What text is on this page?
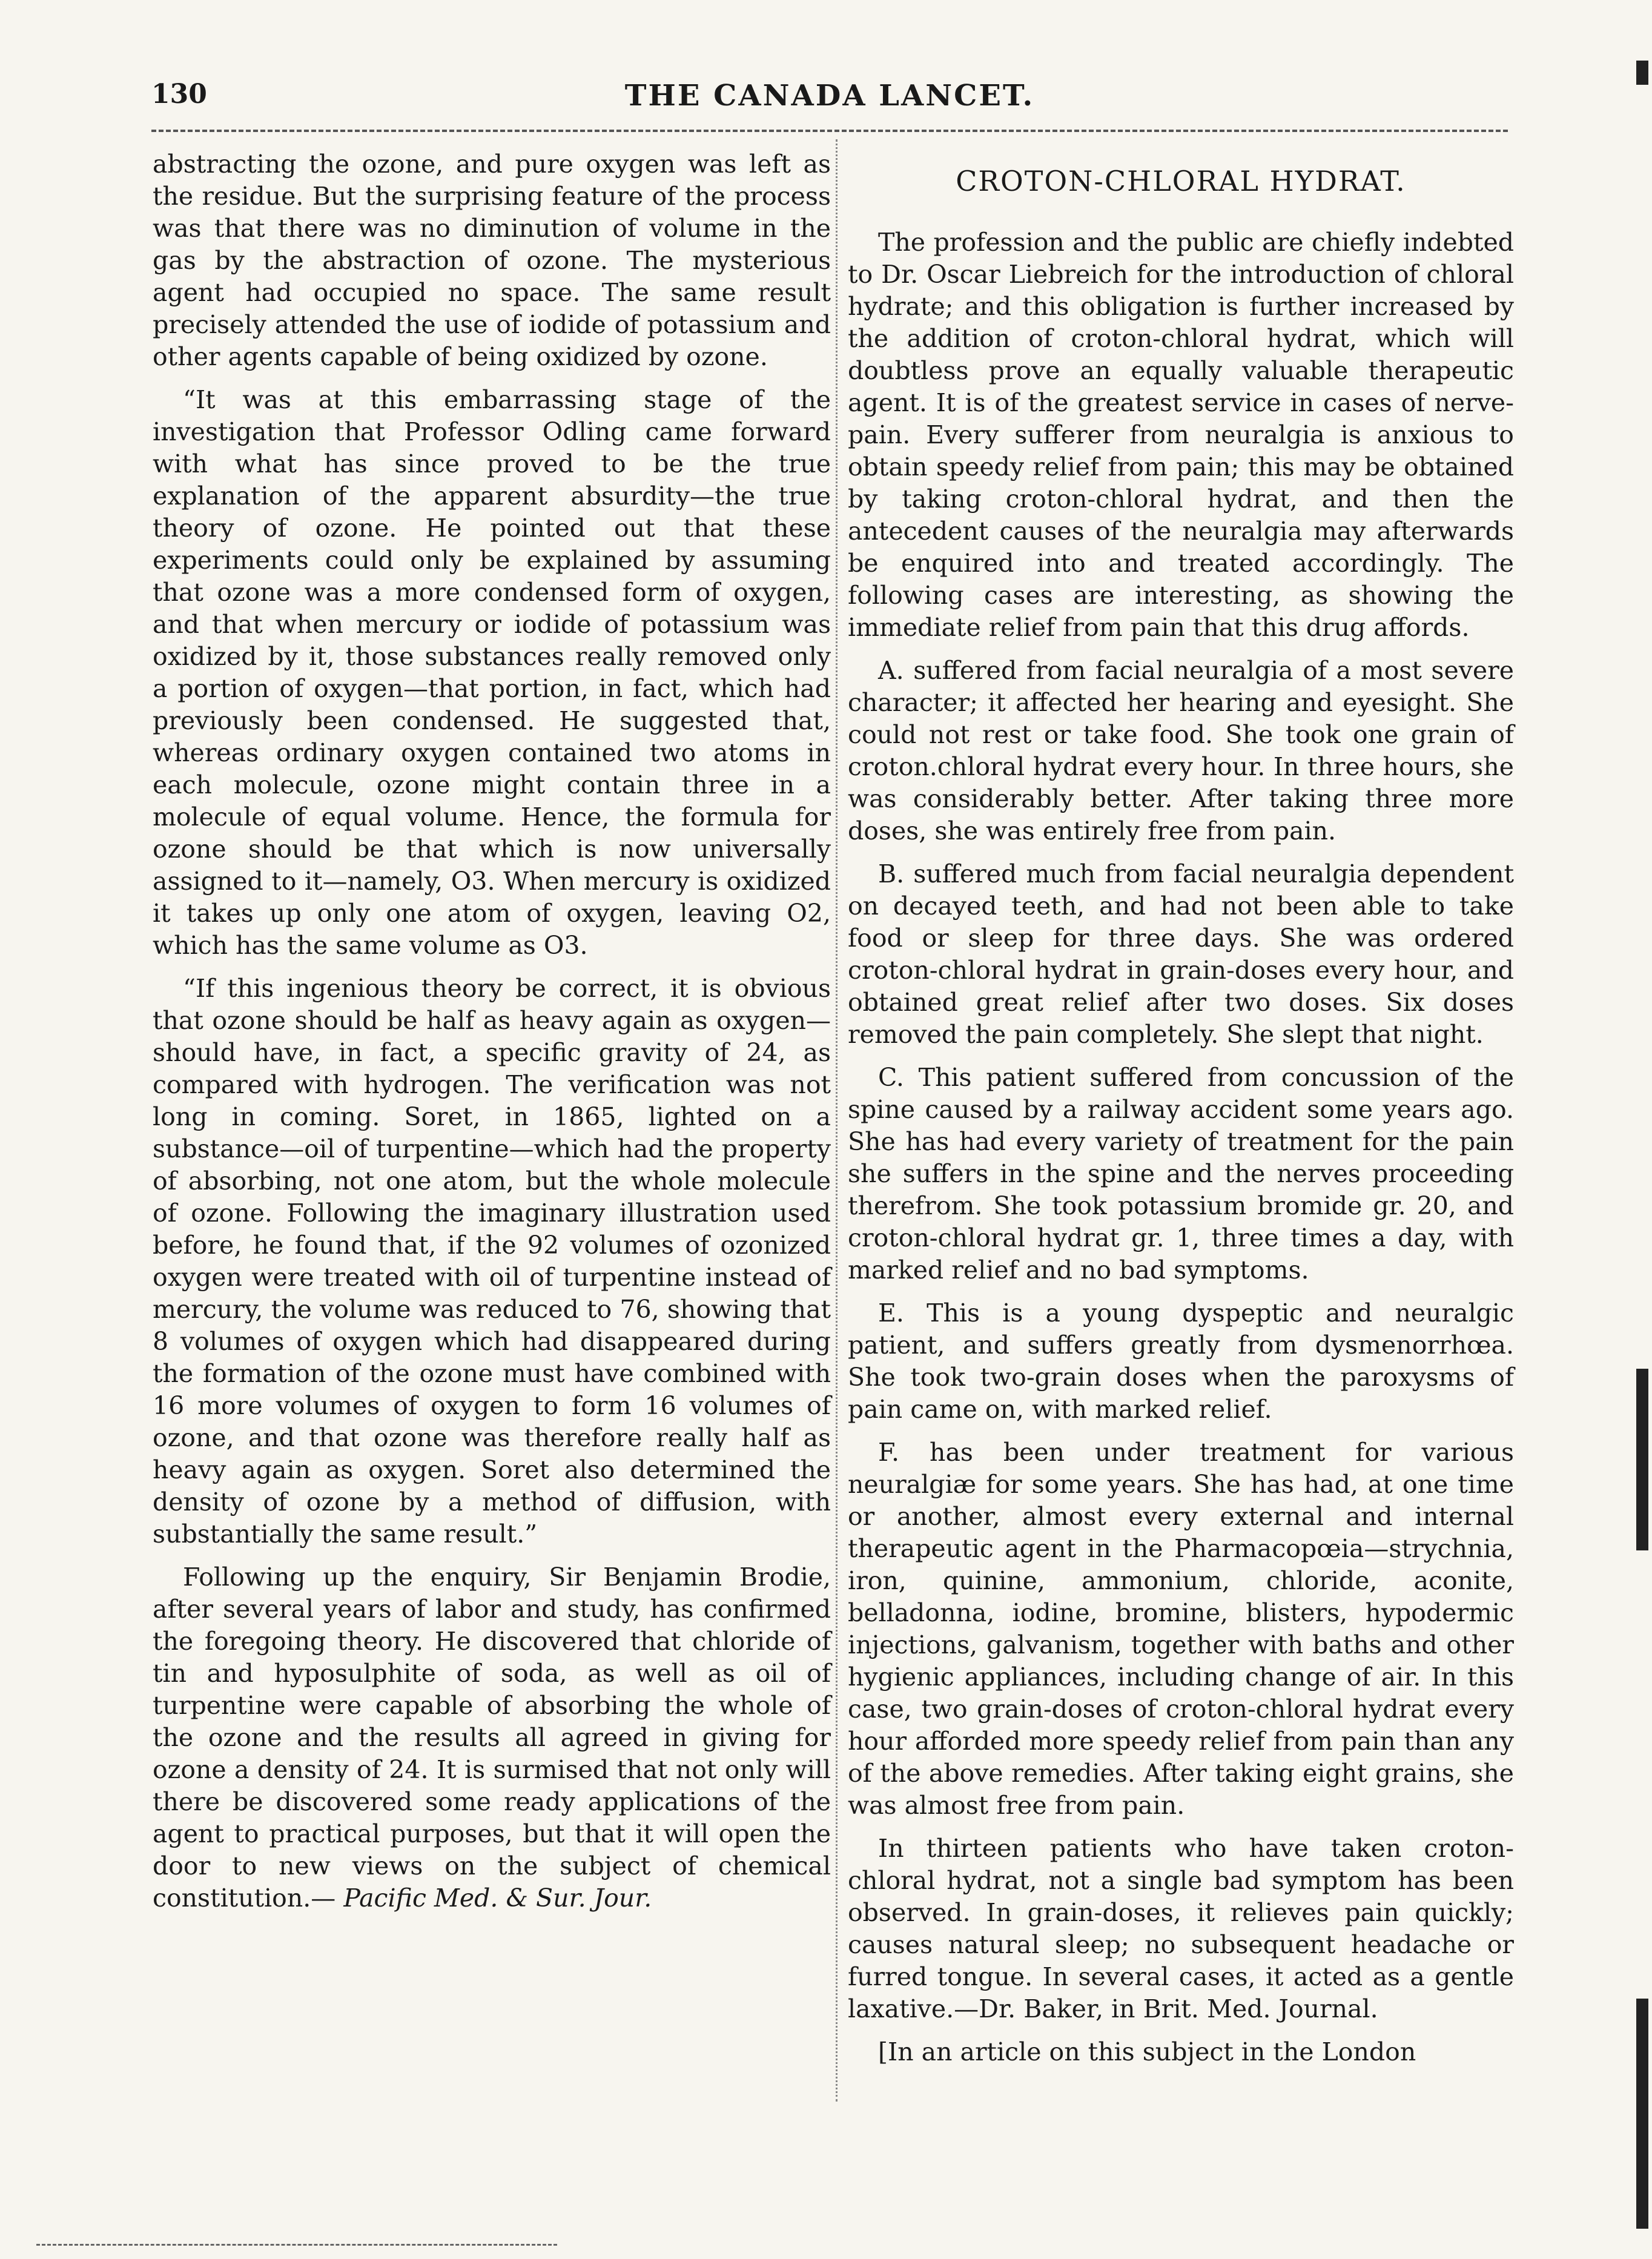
130	THE CANADA LANCET.

abstracting the ozone, and pure oxygen was left as the residue. But the surprising feature of the process was that there was no diminution of volume in the gas by the abstraction of ozone. The mysterious agent had occupied no space. The same result precisely attended the use of iodide of potassium and other agents capable of being oxidized by ozone.

“It was at this embarrassing stage of the investigation that Professor Odling came forward with what has since proved to be the true explanation of the apparent absurdity—the true theory of ozone. He pointed out that these experiments could only be explained by assuming that ozone was a more condensed form of oxygen, and that when mercury or iodide of potassium was oxidized by it, those substances really removed only a portion of oxygen—that portion, in fact, which had previously been condensed. He suggested that, whereas ordinary oxygen contained two atoms in each molecule, ozone might contain three in a molecule of equal volume. Hence, the formula for ozone should be that which is now universally assigned to it—namely, O3. When mercury is oxidized it takes up only one atom of oxygen, leaving O2, which has the same volume as O3.

“If this ingenious theory be correct, it is obvious that ozone should be half as heavy again as oxygen—should have, in fact, a specific gravity of 24, as compared with hydrogen. The verification was not long in coming. Soret, in 1865, lighted on a substance—oil of turpentine—which had the property of absorbing, not one atom, but the whole molecule of ozone. Following the imaginary illustration used before, he found that, if the 92 volumes of ozonized oxygen were treated with oil of turpentine instead of mercury, the volume was reduced to 76, showing that 8 volumes of oxygen which had disappeared during the formation of the ozone must have combined with 16 more volumes of oxygen to form 16 volumes of ozone, and that ozone was therefore really half as heavy again as oxygen. Soret also determined the density of ozone by a method of diffusion, with substantially the same result.”

Following up the enquiry, Sir Benjamin Brodie, after several years of labor and study, has confirmed the foregoing theory. He discovered that chloride of tin and hyposulphite of soda, as well as oil of turpentine were capable of absorbing the whole of the ozone and the results all agreed in giving for ozone a density of 24. It is surmised that not only will there be discovered some ready applications of the agent to practical purposes, but that it will open the door to new views on the subject of chemical constitution.— Pacific Med. & Sur. Jour.

CROTON-CHLORAL HYDRAT.

The profession and the public are chiefly indebted to Dr. Oscar Liebreich for the introduction of chloral hydrate; and this obligation is further increased by the addition of croton-chloral hydrat, which will doubtless prove an equally valuable therapeutic agent. It is of the greatest service in cases of nerve-pain. Every sufferer from neuralgia is anxious to obtain speedy relief from pain; this may be obtained by taking croton-chloral hydrat, and then the antecedent causes of the neuralgia may afterwards be enquired into and treated accordingly. The following cases are interesting, as showing the immediate relief from pain that this drug affords.

A. suffered from facial neuralgia of a most severe character; it affected her hearing and eyesight. She could not rest or take food. She took one grain of croton.chloral hydrat every hour. In three hours, she was considerably better. After taking three more doses, she was entirely free from pain.

B. suffered much from facial neuralgia dependent on decayed teeth, and had not been able to take food or sleep for three days. She was ordered croton-chloral hydrat in grain-doses every hour, and obtained great relief after two doses. Six doses removed the pain completely. She slept that night.

C. This patient suffered from concussion of the spine caused by a railway accident some years ago. She has had every variety of treatment for the pain she suffers in the spine and the nerves proceeding therefrom. She took potassium bromide gr. 20, and croton-chloral hydrat gr. 1, three times a day, with marked relief and no bad symptoms.

E. This is a young dyspeptic and neuralgic patient, and suffers greatly from dysmenorrhœa. She took two-grain doses when the paroxysms of pain came on, with marked relief.

F. has been under treatment for various neuralgiæ for some years. She has had, at one time or another, almost every external and internal therapeutic agent in the Pharmacopœia—strychnia, iron, quinine, ammonium, chloride, aconite, belladonna, iodine, bromine, blisters, hypodermic injections, galvanism, together with baths and other hygienic appliances, including change of air. In this case, two grain-doses of croton-chloral hydrat every hour afforded more speedy relief from pain than any of the above remedies. After taking eight grains, she was almost free from pain.

In thirteen patients who have taken croton-chloral hydrat, not a single bad symptom has been observed. In grain-doses, it relieves pain quickly; causes natural sleep; no subsequent headache or furred tongue. In several cases, it acted as a gentle laxative.—Dr. Baker, in Brit. Med. Journal.

[In an article on this subject in the London
